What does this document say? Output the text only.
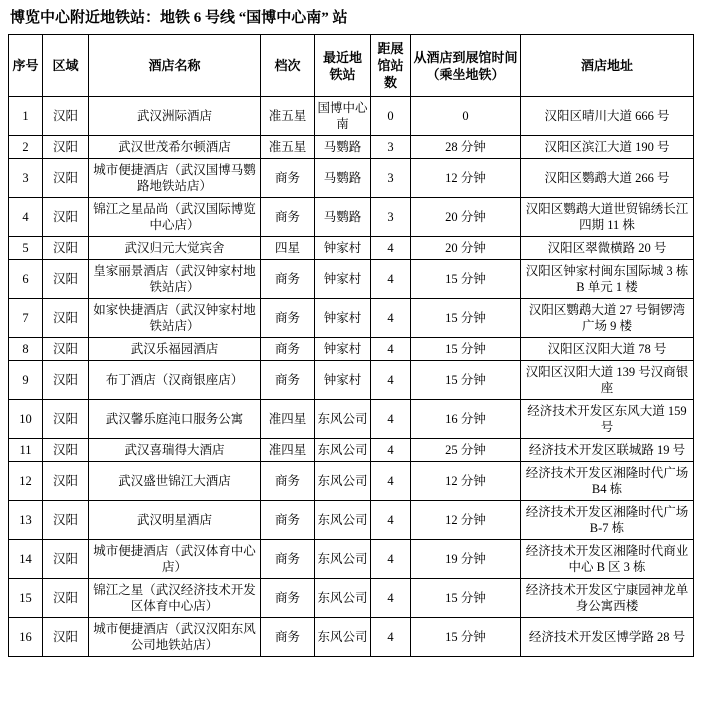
博览中心附近地铁站：地铁 6 号线 “国博中心南” 站
序号	区域	酒店名称	档次	最近地铁站	距展馆站数	从酒店到展馆时间（乘坐地铁）	酒店地址
1	汉阳	武汉洲际酒店	准五星	国博中心南	0	0	汉阳区晴川大道 666 号
2	汉阳	武汉世茂希尔顿酒店	准五星	马鹦路	3	28 分钟	汉阳区滨江大道 190 号
3	汉阳	城市便捷酒店（武汉国博马鹦路地铁站店）	商务	马鹦路	3	12 分钟	汉阳区鹦鹉大道 266 号
4	汉阳	锦江之星品尚（武汉国际博览中心店）	商务	马鹦路	3	20 分钟	汉阳区鹦鹉大道世贸锦绣长江四期 11 株
5	汉阳	武汉归元大觉宾舍	四星	钟家村	4	20 分钟	汉阳区翠微横路 20 号
6	汉阳	皇家丽景酒店（武汉钟家村地铁站店）	商务	钟家村	4	15 分钟	汉阳区钟家村闽东国际城 3 栋 B 单元 1 楼
7	汉阳	如家快捷酒店（武汉钟家村地铁站店）	商务	钟家村	4	15 分钟	汉阳区鹦鹉大道 27 号铜锣湾广场 9 楼
8	汉阳	武汉乐福园酒店	商务	钟家村	4	15 分钟	汉阳区汉阳大道 78 号
9	汉阳	布丁酒店（汉商银座店）	商务	钟家村	4	15 分钟	汉阳区汉阳大道 139 号汉商银座
10	汉阳	武汉馨乐庭沌口服务公寓	准四星	东风公司	4	16 分钟	经济技术开发区东风大道 159 号
11	汉阳	武汉喜瑞得大酒店	准四星	东风公司	4	25 分钟	经济技术开发区联城路 19 号
12	汉阳	武汉盛世锦江大酒店	商务	东风公司	4	12 分钟	经济技术开发区湘隆时代广场 B4 栋
13	汉阳	武汉明星酒店	商务	东风公司	4	12 分钟	经济技术开发区湘隆时代广场 B-7 栋
14	汉阳	城市便捷酒店（武汉体育中心店）	商务	东风公司	4	19 分钟	经济技术开发区湘隆时代商业中心 B 区 3 栋
15	汉阳	锦江之星（武汉经济技术开发区体育中心店）	商务	东风公司	4	15 分钟	经济技术开发区宁康园神龙单身公寓西楼
16	汉阳	城市便捷酒店（武汉汉阳东风公司地铁站店）	商务	东风公司	4	15 分钟	经济技术开发区博学路 28 号
